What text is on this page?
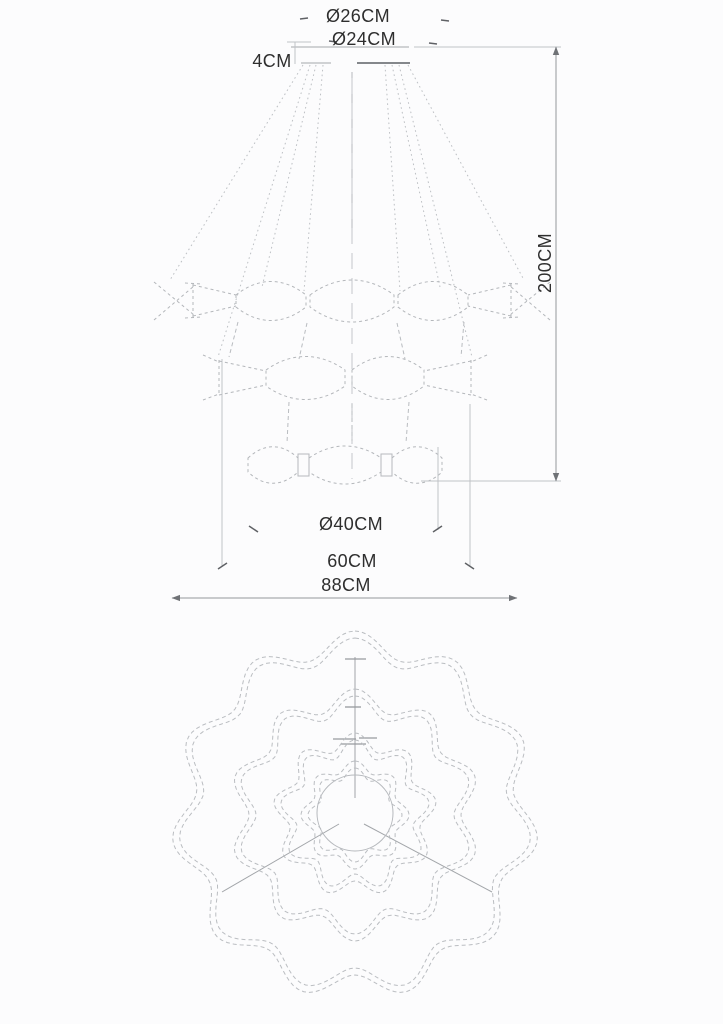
Ø26CM
Ø24CM
4CM
200CM
Ø40CM
60CM
88CM
